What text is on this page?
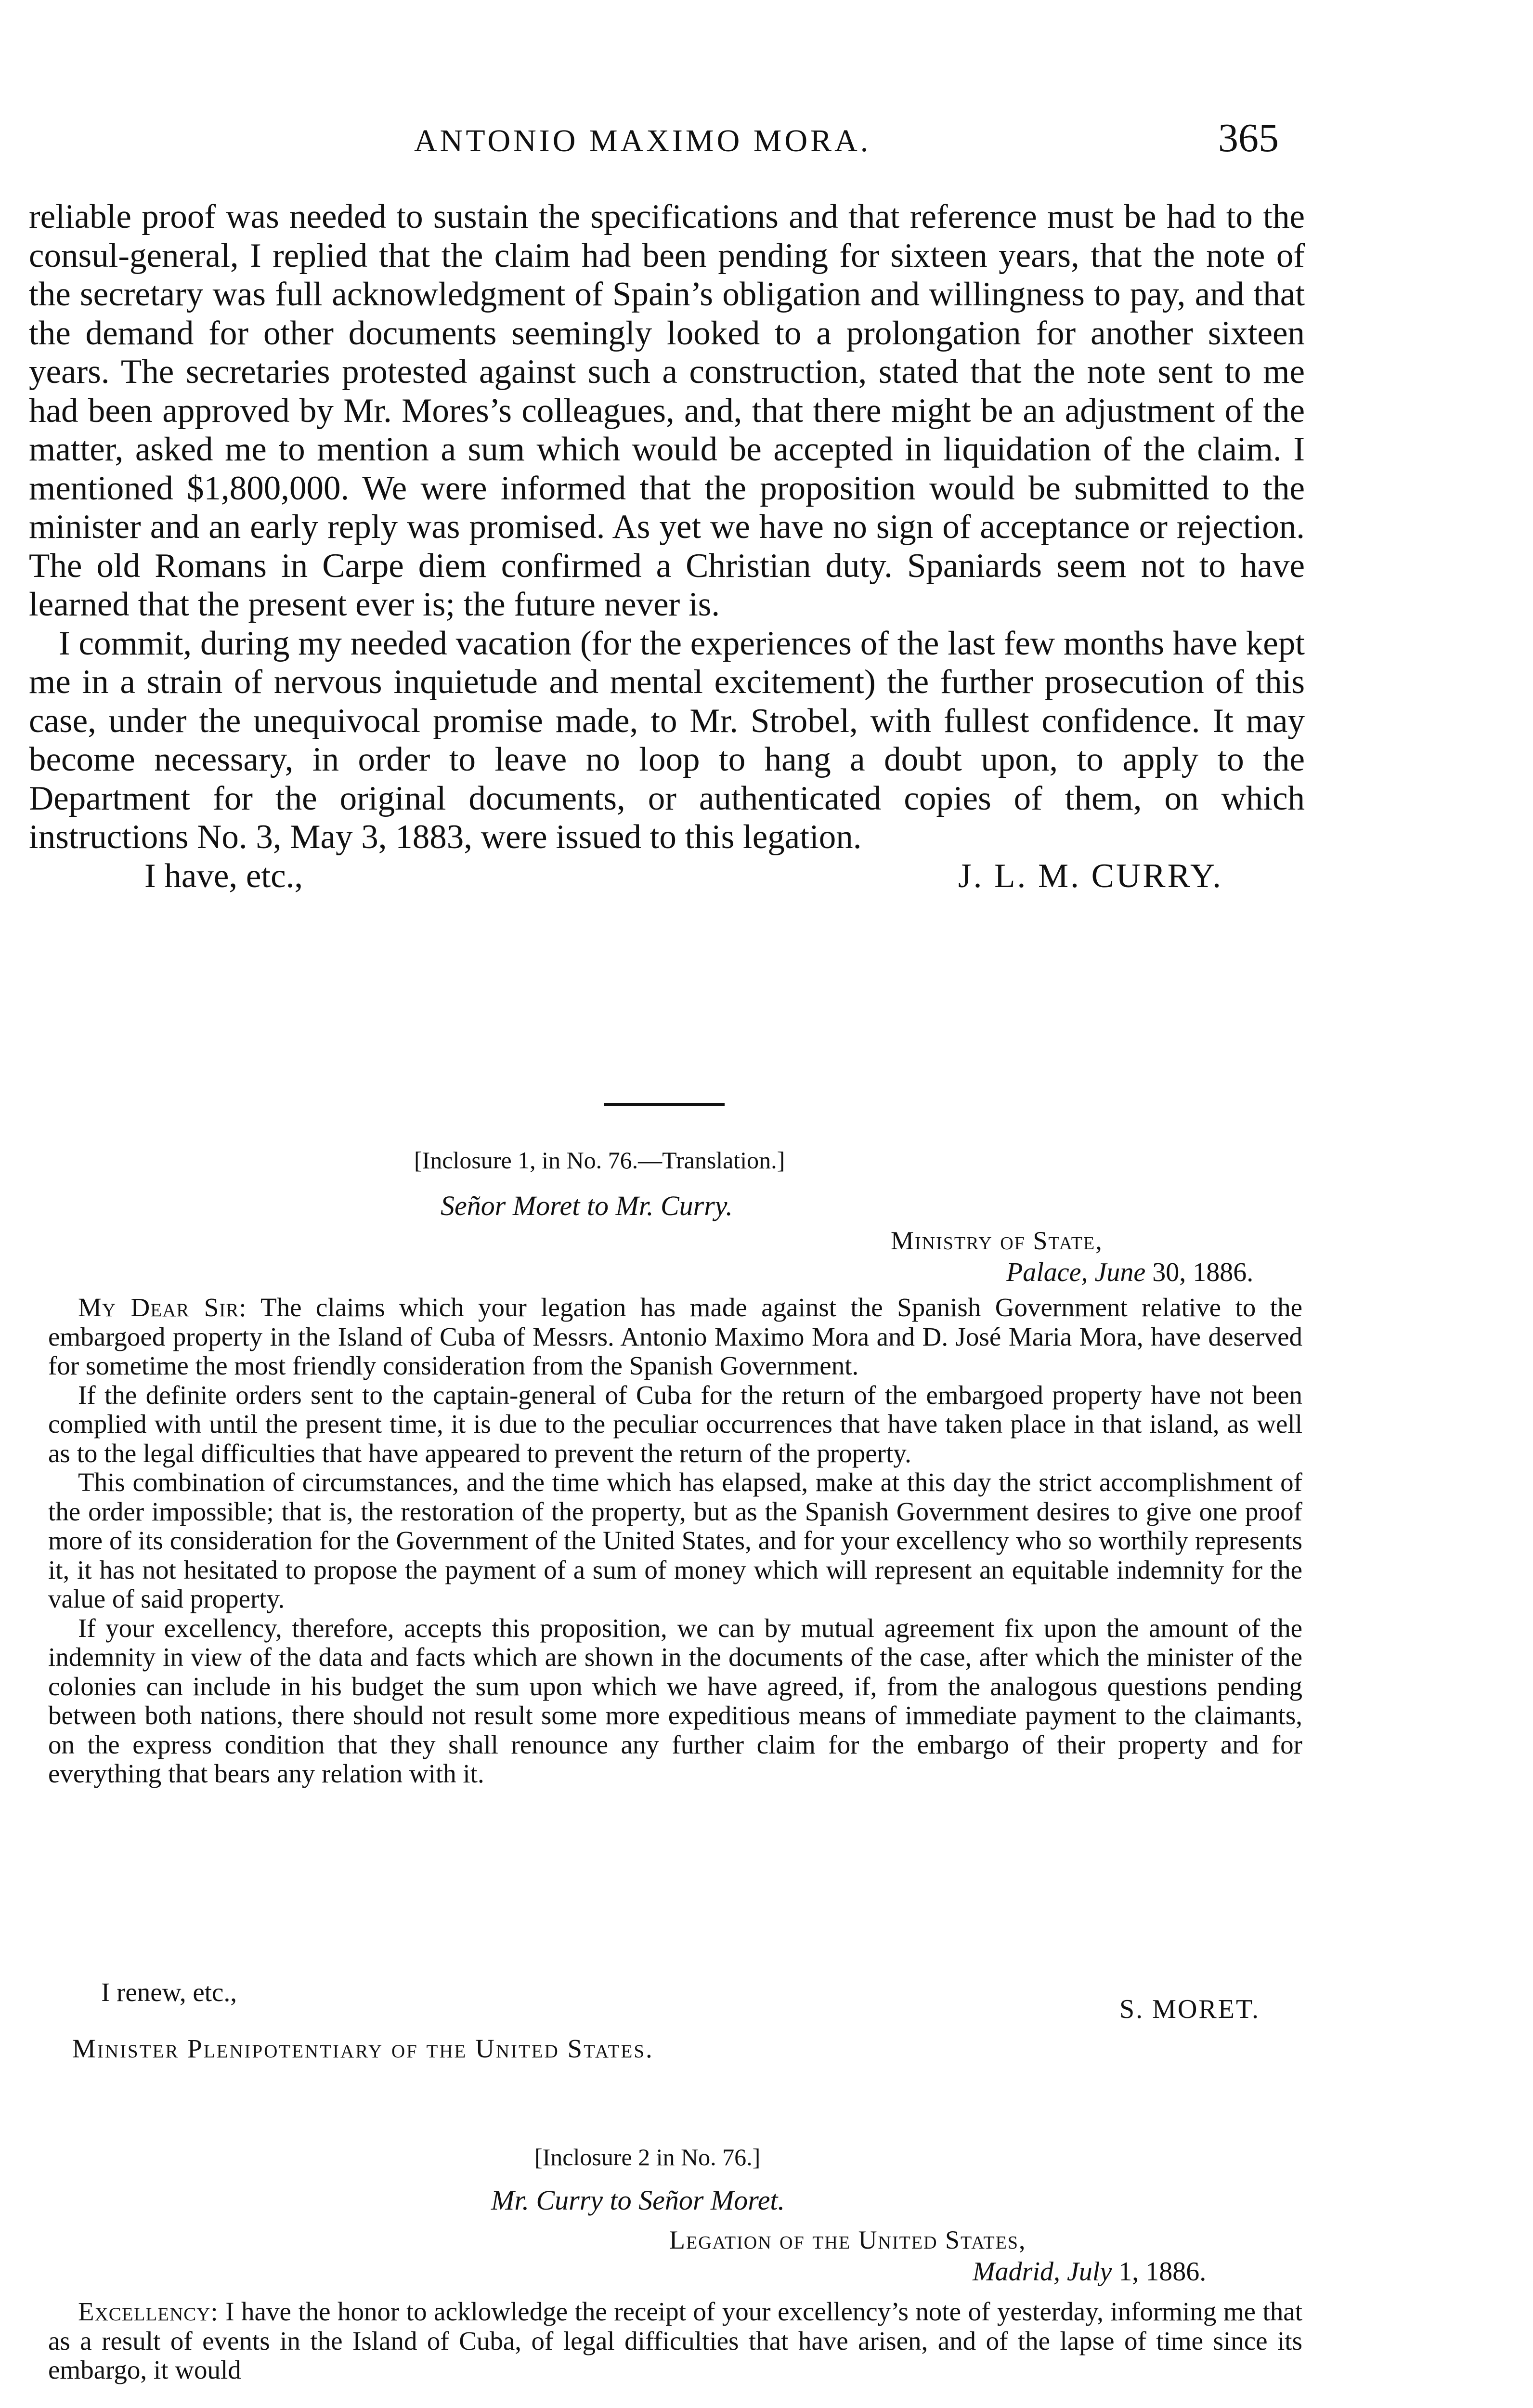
ANTONIO MAXIMO MORA.	365

reliable proof was needed to sustain the specifications and that reference must be had to the consul-general, I replied that the claim had been pending for sixteen years, that the note of the secretary was full acknowledgment of Spain’s obligation and willingness to pay, and that the demand for other documents seemingly looked to a prolongation for another sixteen years. The secretaries protested against such a construction, stated that the note sent to me had been approved by Mr. Mores’s colleagues, and, that there might be an adjustment of the matter, asked me to mention a sum which would be accepted in liquidation of the claim. I mentioned $1,800,000. We were informed that the proposition would be submitted to the minister and an early reply was promised. As yet we have no sign of acceptance or rejection. The old Romans in Carpe diem confirmed a Christian duty. Spaniards seem not to have learned that the present ever is; the future never is.

I commit, during my needed vacation (for the experiences of the last few months have kept me in a strain of nervous inquietude and mental excitement) the further prosecution of this case, under the unequivocal promise made, to Mr. Strobel, with fullest confidence. It may become necessary, in order to leave no loop to hang a doubt upon, to apply to the Department for the original documents, or authenticated copies of them, on which instructions No. 3, May 3, 1883, were issued to this legation.

I have, etc.,	J. L. M. CURRY.
[Inclosure 1, in No. 76.—Translation.]
Señor Moret to Mr. Curry.
Ministry of State,
Palace, June 30, 1886.

My Dear Sir: The claims which your legation has made against the Spanish Government relative to the embargoed property in the Island of Cuba of Messrs. Antonio Maximo Mora and D. José Maria Mora, have deserved for sometime the most friendly consideration from the Spanish Government.

If the definite orders sent to the captain-general of Cuba for the return of the embargoed property have not been complied with until the present time, it is due to the peculiar occurrences that have taken place in that island, as well as to the legal difficulties that have appeared to prevent the return of the property.

This combination of circumstances, and the time which has elapsed, make at this day the strict accomplishment of the order impossible; that is, the restoration of the property, but as the Spanish Government desires to give one proof more of its consideration for the Government of the United States, and for your excellency who so worthily represents it, it has not hesitated to propose the payment of a sum of money which will represent an equitable indemnity for the value of said property.

If your excellency, therefore, accepts this proposition, we can by mutual agreement fix upon the amount of the indemnity in view of the data and facts which are shown in the documents of the case, after which the minister of the colonies can include in his budget the sum upon which we have agreed, if, from the analogous questions pending between both nations, there should not result some more expeditious means of immediate payment to the claimants, on the express condition that they shall renounce any further claim for the embargo of their property and for everything that bears any relation with it.

I renew, etc.,
S. MORET.
Minister Plenipotentiary of the United States.
[Inclosure 2 in No. 76.]
Mr. Curry to Señor Moret.
Legation of the United States,
Madrid, July 1, 1886.

Excellency: I have the honor to acklowledge the receipt of your excellency’s note of yesterday, informing me that as a result of events in the Island of Cuba, of legal difficulties that have arisen, and of the lapse of time since its embargo, it would
